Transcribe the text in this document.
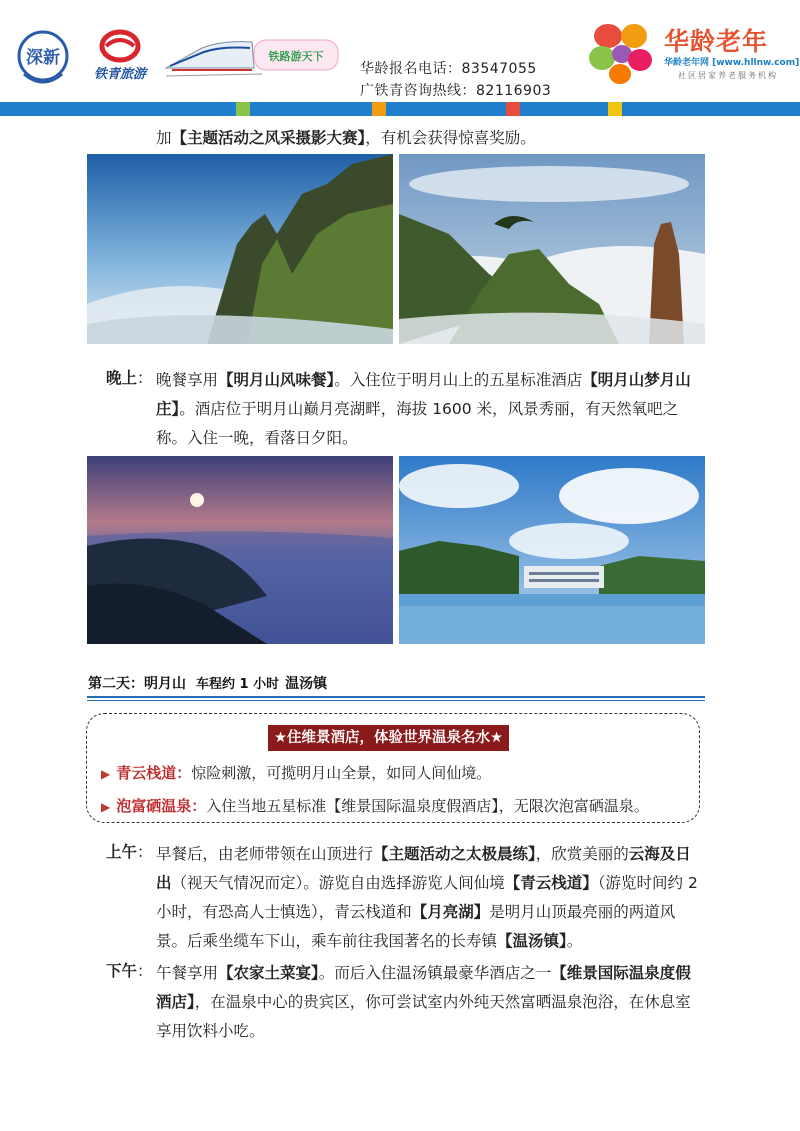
深新
铁青旅游
铁路游天下
华龄报名电话：83547055
广铁青咨询热线：82116903
华龄老年
华龄老年网 [www.hllnw.com]
社区居家养老服务机构
加【主题活动之风采摄影大赛】，有机会获得惊喜奖励。
晚上： 晚餐享用【明月山风味餐】。入住位于明月山上的五星标准酒店【明月山梦月山庄】。酒店位于明月山巅月亮湖畔，海拔 1600 米，风景秀丽，有天然氧吧之称。入住一晚，看落日夕阳。
第二天：明月山 车程约 1 小时 温汤镇
★住维景酒店，体验世界温泉名水★
▶ 青云栈道：惊险刺激，可揽明月山全景，如同人间仙境。
▶ 泡富硒温泉：入住当地五星标准【维景国际温泉度假酒店】，无限次泡富硒温泉。
上午： 早餐后，由老师带领在山顶进行【主题活动之太极晨练】，欣赏美丽的云海及日出（视天气情况而定）。游览自由选择游览人间仙境【青云栈道】（游览时间约 2 小时，有恐高人士慎选），青云栈道和【月亮湖】是明月山顶最亮丽的两道风景。后乘坐缆车下山，乘车前往我国著名的长寿镇【温汤镇】。
下午： 午餐享用【农家土菜宴】。而后入住温汤镇最豪华酒店之一【维景国际温泉度假酒店】，在温泉中心的贵宾区，你可尝试室内外纯天然富晒温泉泡浴，在休息室享用饮料小吃。
